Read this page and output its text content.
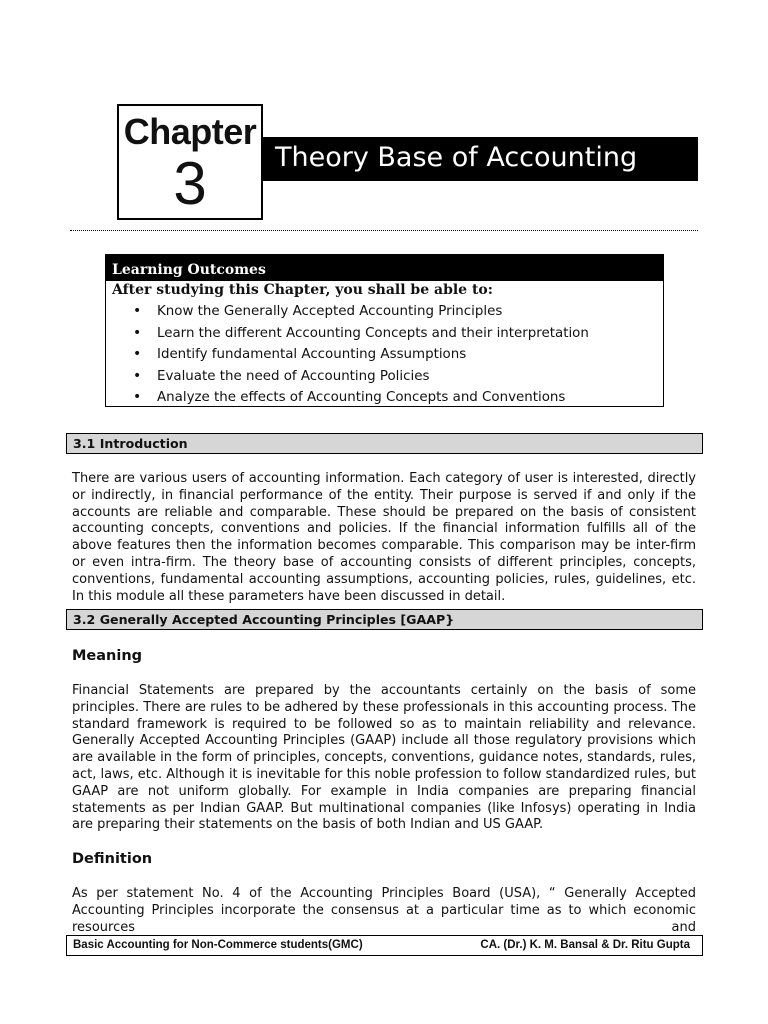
Chapter
3	Theory Base of Accounting
Learning Outcomes
After studying this Chapter, you shall be able to:
• Know the Generally Accepted Accounting Principles
• Learn the different Accounting Concepts and their interpretation
• Identify fundamental Accounting Assumptions
• Evaluate the need of Accounting Policies
• Analyze the effects of Accounting Concepts and Conventions
3.1 Introduction

There are various users of accounting information. Each category of user is interested, directly or indirectly, in financial performance of the entity. Their purpose is served if and only if the accounts are reliable and comparable. These should be prepared on the basis of consistent accounting concepts, conventions and policies. If the financial information fulfills all of the above features then the information becomes comparable. This comparison may be inter-firm or even intra-firm. The theory base of accounting consists of different principles, concepts, conventions, fundamental accounting assumptions, accounting policies, rules, guidelines, etc. In this module all these parameters have been discussed in detail.

3.2 Generally Accepted Accounting Principles [GAAP}
Meaning

Financial Statements are prepared by the accountants certainly on the basis of some principles. There are rules to be adhered by these professionals in this accounting process. The standard framework is required to be followed so as to maintain reliability and relevance. Generally Accepted Accounting Principles (GAAP) include all those regulatory provisions which are available in the form of principles, concepts, conventions, guidance notes, standards, rules, act, laws, etc. Although it is inevitable for this noble profession to follow standardized rules, but GAAP are not uniform globally. For example in India companies are preparing financial statements as per Indian GAAP. But multinational companies (like Infosys) operating in India are preparing their statements on the basis of both Indian and US GAAP.

Definition

As per statement No. 4 of the Accounting Principles Board (USA), “ Generally Accepted Accounting Principles incorporate the consensus at a particular time as to which economic resources and

Basic Accounting for Non-Commerce students(GMC)	CA. (Dr.) K. M. Bansal & Dr. Ritu Gupta
